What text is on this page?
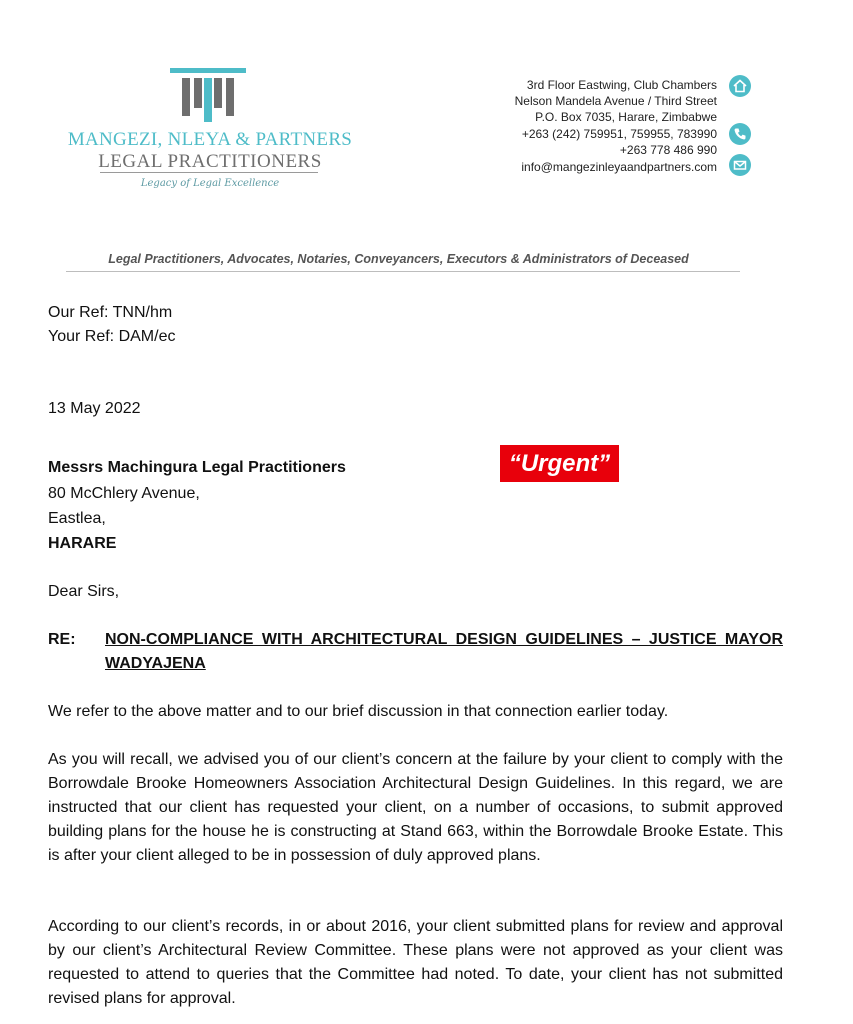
MANGEZI, NLEYA & PARTNERS
LEGAL PRACTITIONERS
Legacy of Legal Excellence
3rd Floor Eastwing, Club Chambers
Nelson Mandela Avenue / Third Street
P.O. Box 7035, Harare, Zimbabwe
+263 (242) 759951, 759955, 783990
+263 778 486 990
info@mangezinleyaandpartners.com
Legal Practitioners, Advocates, Notaries, Conveyancers, Executors & Administrators of Deceased
Our Ref: TNN/hm
Your Ref: DAM/ec
13 May 2022
Messrs Machingura Legal Practitioners
80 McChlery Avenue,
Eastlea,
HARARE
“Urgent”
Dear Sirs,
RE: NON-COMPLIANCE WITH ARCHITECTURAL DESIGN GUIDELINES – JUSTICE MAYOR WADYAJENA
We refer to the above matter and to our brief discussion in that connection earlier today.
As you will recall, we advised you of our client’s concern at the failure by your client to comply with the Borrowdale Brooke Homeowners Association Architectural Design Guidelines. In this regard, we are instructed that our client has requested your client, on a number of occasions, to submit approved building plans for the house he is constructing at Stand 663, within the Borrowdale Brooke Estate. This is after your client alleged to be in possession of duly approved plans.
According to our client’s records, in or about 2016, your client submitted plans for review and approval by our client’s Architectural Review Committee. These plans were not approved as your client was requested to attend to queries that the Committee had noted. To date, your client has not submitted revised plans for approval.
